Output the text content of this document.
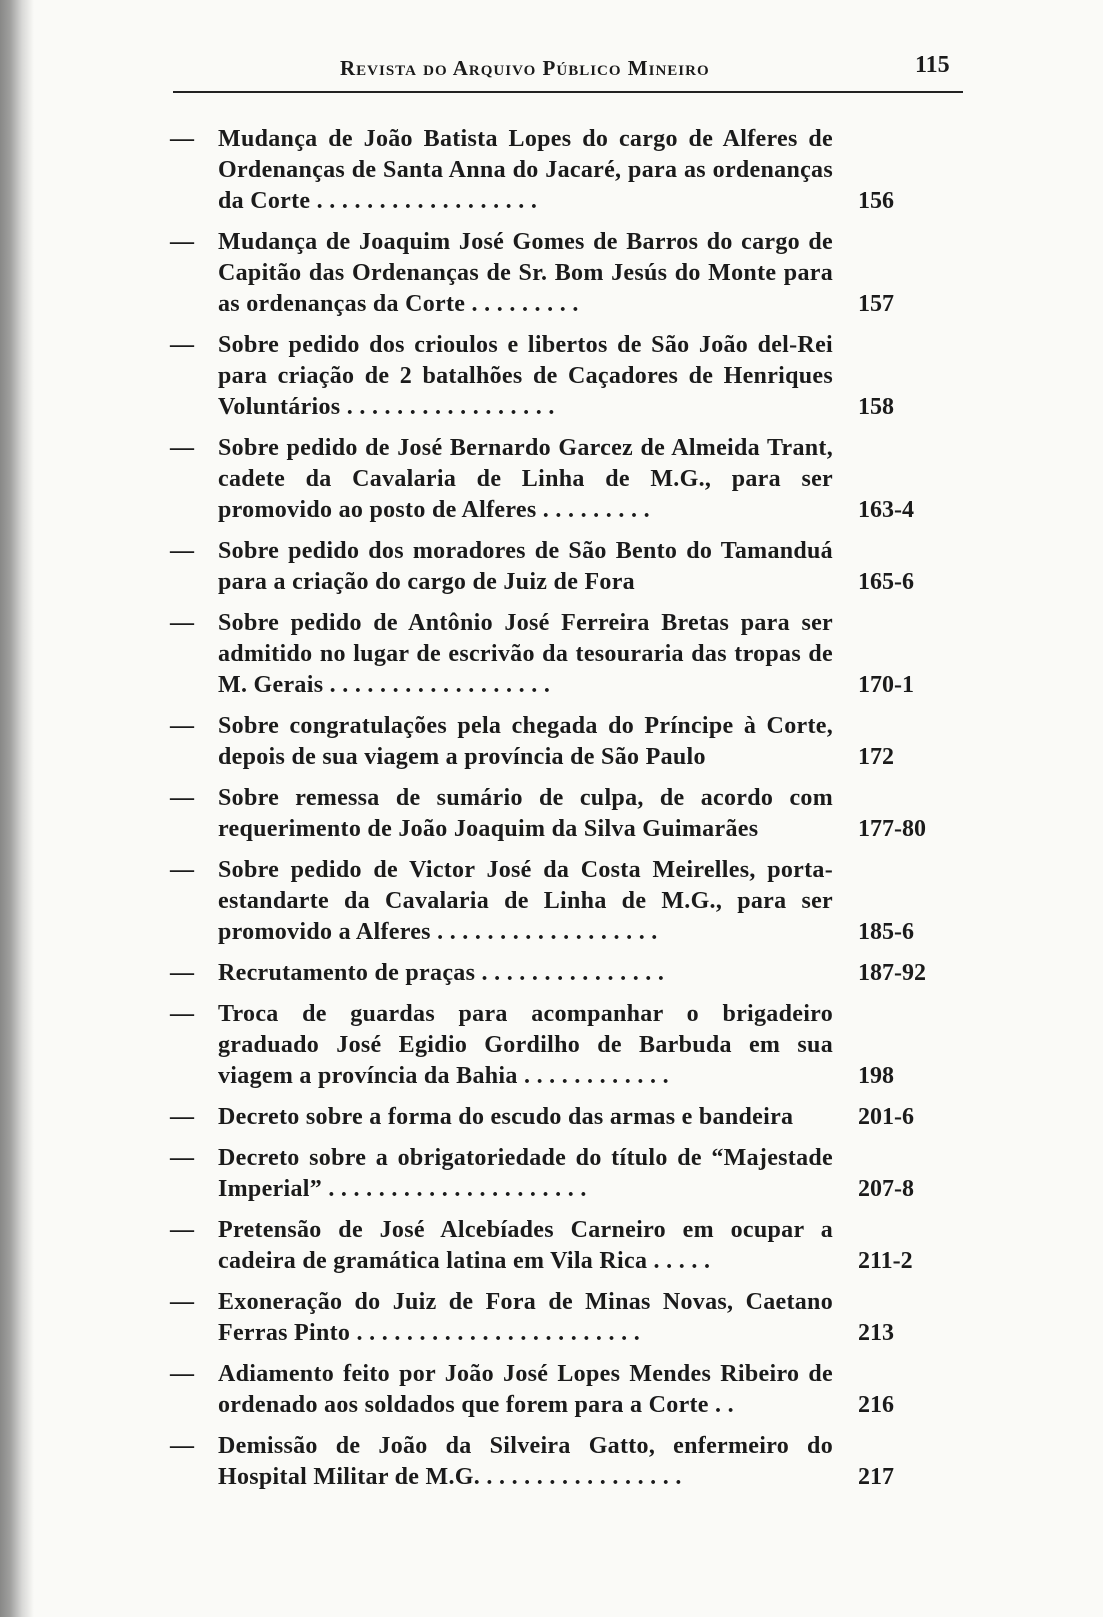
Revista do Arquivo Público Mineiro	115
—	Mudança de João Batista Lopes do cargo de Alferes de Ordenanças de Santa Anna do Jacaré, para as ordenanças da Corte . . . . . . . . . . . . . . . . . .	156
—	Mudança de Joaquim José Gomes de Barros do cargo de Capitão das Ordenanças de Sr. Bom Jesús do Monte para as ordenanças da Corte . . . . . . . . .	157
—	Sobre pedido dos crioulos e libertos de São João del-Rei para criação de 2 batalhões de Caçadores de Henriques Voluntários . . . . . . . . . . . . . . . . .	158
—	Sobre pedido de José Bernardo Garcez de Almeida Trant, cadete da Cavalaria de Linha de M.G., para ser promovido ao posto de Alferes . . . . . . . . .	163-4
—	Sobre pedido dos moradores de São Bento do Tamanduá para a criação do cargo de Juiz de Fora	165-6
—	Sobre pedido de Antônio José Ferreira Bretas para ser admitido no lugar de escrivão da tesouraria das tropas de M. Gerais . . . . . . . . . . . . . . . . . .	170-1
—	Sobre congratulações pela chegada do Príncipe à Corte, depois de sua viagem a província de São Paulo	172
—	Sobre remessa de sumário de culpa, de acordo com requerimento de João Joaquim da Silva Guimarães	177-80
—	Sobre pedido de Victor José da Costa Meirelles, porta-estandarte da Cavalaria de Linha de M.G., para ser promovido a Alferes . . . . . . . . . . . . . . . . . .	185-6
—	Recrutamento de praças . . . . . . . . . . . . . . .	187-92
—	Troca de guardas para acompanhar o brigadeiro graduado José Egidio Gordilho de Barbuda em sua viagem a província da Bahia . . . . . . . . . . . .	198
—	Decreto sobre a forma do escudo das armas e bandeira	201-6
—	Decreto sobre a obrigatoriedade do título de “Majestade Imperial” . . . . . . . . . . . . . . . . . . . . .	207-8
—	Pretensão de José Alcebíades Carneiro em ocupar a cadeira de gramática latina em Vila Rica . . . . .	211-2
—	Exoneração do Juiz de Fora de Minas Novas, Caetano Ferras Pinto . . . . . . . . . . . . . . . . . . . . . . .	213
—	Adiamento feito por João José Lopes Mendes Ribeiro de ordenado aos soldados que forem para a Corte . .	216
—	Demissão de João da Silveira Gatto, enfermeiro do Hospital Militar de M.G. . . . . . . . . . . . . . . . .	217
